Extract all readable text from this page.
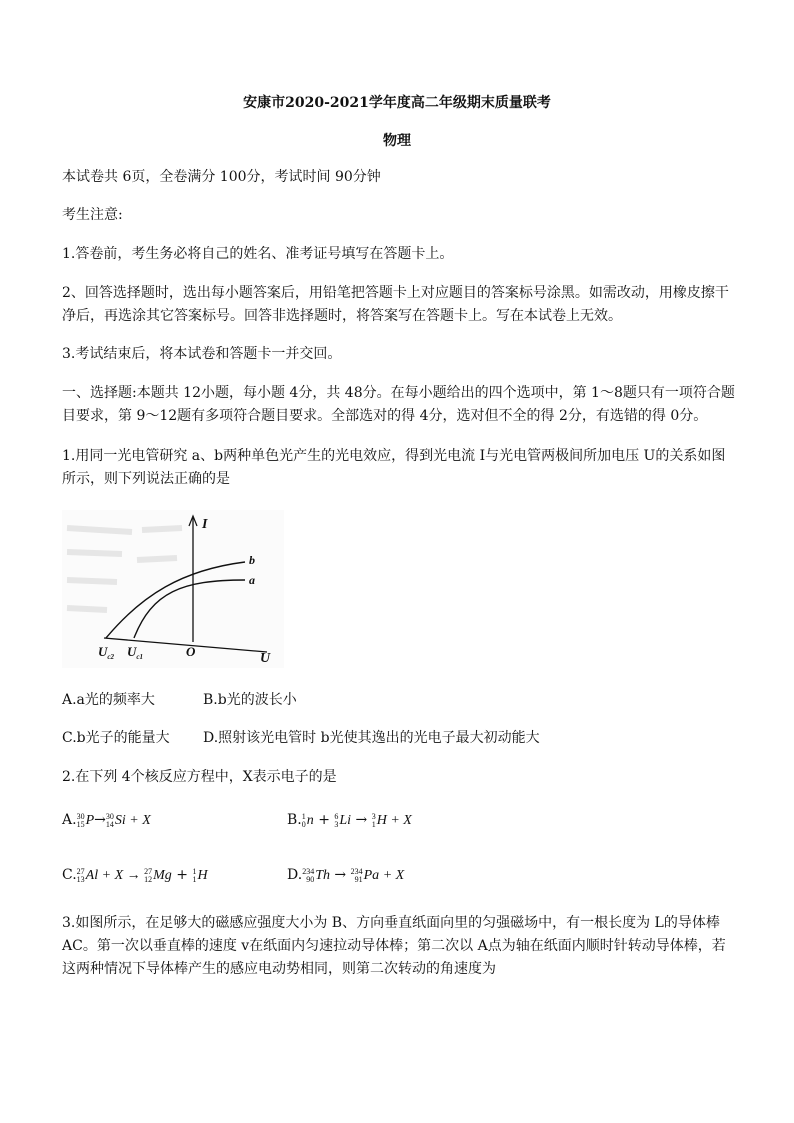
安康市2020-2021学年度高二年级期末质量联考
物理
本试卷共 6页，全卷满分 100分，考试时间 90分钟
考生注意:
1.答卷前，考生务必将自己的姓名、准考证号填写在答题卡上。
2、回答选择题时，选出每小题答案后，用铅笔把答题卡上对应题目的答案标号涂黑。如需改动，用橡皮擦干
净后，再选涂其它答案标号。回答非选择题时，将答案写在答题卡上。写在本试卷上无效。
3.考试结束后，将本试卷和答题卡一并交回。
一、选择题:本题共 12小题，每小题 4分，共 48分。在每小题给出的四个选项中，第 1～8题只有一项符合题
目要求，第 9～12题有多项符合题目要求。全部选对的得 4分，选对但不全的得 2分，有选错的得 0分。
1.用同一光电管研究 a、b两种单色光产生的光电效应，得到光电流 I与光电管两极间所加电压 U的关系如图
所示，则下列说法正确的是
I
U
O
b
a
$U_{c2}$ $U_{c1}$
A.a光的频率大	B.b光的波长小
C.b光子的能量大 D.照射该光电管时 b光使其逸出的光电子最大初动能大
2.在下列 4个核反应方程中，X表示电子的是
A. 30
15 P→ 30
14 Si + X	B. 1
0 n + 6
3 Li → 3
1 H + X
C. 27
13 Al + X → 27
12 Mg + 1
1 H	D. 234
90 Th → 234
91 Pa + X
3.如图所示，在足够大的磁感应强度大小为 B、方向垂直纸面向里的匀强磁场中，有一根长度为 L的导体棒
AC。第一次以垂直棒的速度 v在纸面内匀速拉动导体棒；第二次以 A点为轴在纸面内顺时针转动导体棒，若
这两种情况下导体棒产生的感应电动势相同，则第二次转动的角速度为
